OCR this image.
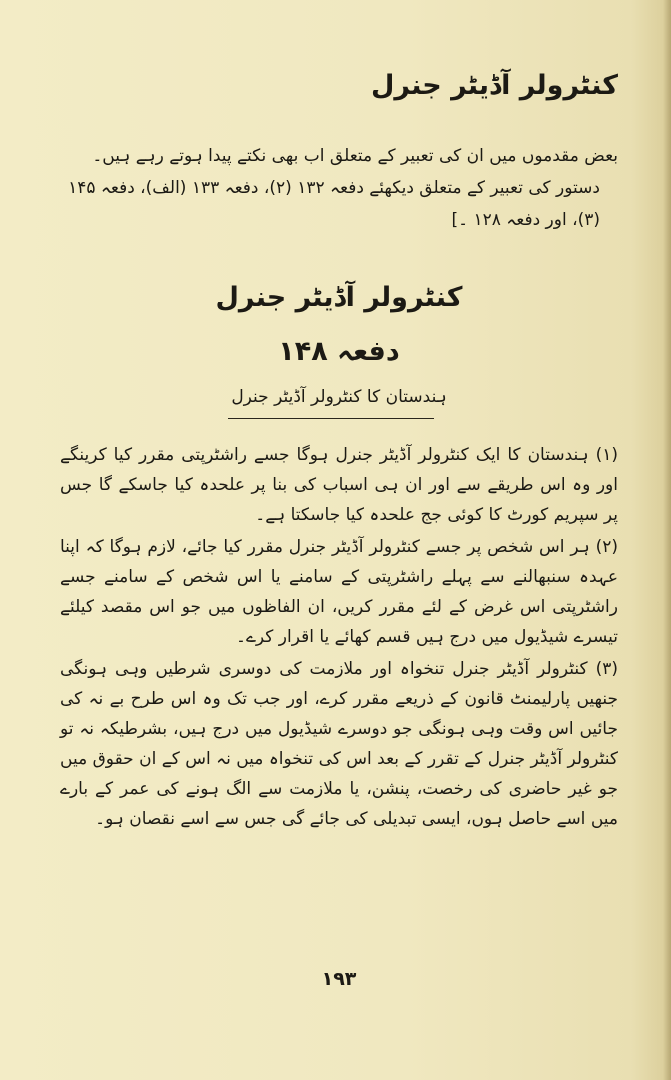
کنٹرولر آڈیٹر جنرل

بعض مقدموں میں ان کی تعبیر کے متعلق اب بھی نکتے پیدا ہوتے رہے ہیں۔

دستور کی تعبیر کے متعلق دیکھئے دفعہ ۱۳۲ (۲)، دفعہ ۱۳۳ (الف)، دفعہ ۱۴۵ (۳)، اور دفعہ ۱۲۸ ۔]

کنٹرولر آڈیٹر جنرل
دفعہ ۱۴۸
ہندستان کا کنٹرولر آڈیٹر جنرل

(۱) ہندستان کا ایک کنٹرولر آڈیٹر جنرل ہوگا جسے راشٹرپتی مقرر کیا کرینگے اور وہ اس طریقے سے اور ان ہی اسباب کی بنا پر علحدہ کیا جاسکے گا جس پر سپریم کورٹ کا کوئی جج علحدہ کیا جاسکتا ہے۔

(۲) ہر اس شخص پر جسے کنٹرولر آڈیٹر جنرل مقرر کیا جائے، لازم ہوگا کہ اپنا عہدہ سنبھالنے سے پہلے راشٹرپتی کے سامنے یا اس شخص کے سامنے جسے راشٹرپتی اس غرض کے لئے مقرر کریں، ان الفاظوں میں جو اس مقصد کیلئے تیسرے شیڈیول میں درج ہیں قسم کھائے یا اقرار کرے۔

(۳) کنٹرولر آڈیٹر جنرل تنخواہ اور ملازمت کی دوسری شرطیں وہی ہونگی جنھیں پارلیمنٹ قانون کے ذریعے مقرر کرے، اور جب تک وہ اس طرح بے نہ کی جائیں اس وقت وہی ہونگی جو دوسرے شیڈیول میں درج ہیں، بشرطیکہ نہ تو کنٹرولر آڈیٹر جنرل کے تقرر کے بعد اس کی تنخواہ میں نہ اس کے ان حقوق میں جو غیر حاضری کی رخصت، پنشن، یا ملازمت سے الگ ہونے کی عمر کے بارے میں اسے حاصل ہوں، ایسی تبدیلی کی جائے گی جس سے اسے نقصان ہو۔

۱۹۳
